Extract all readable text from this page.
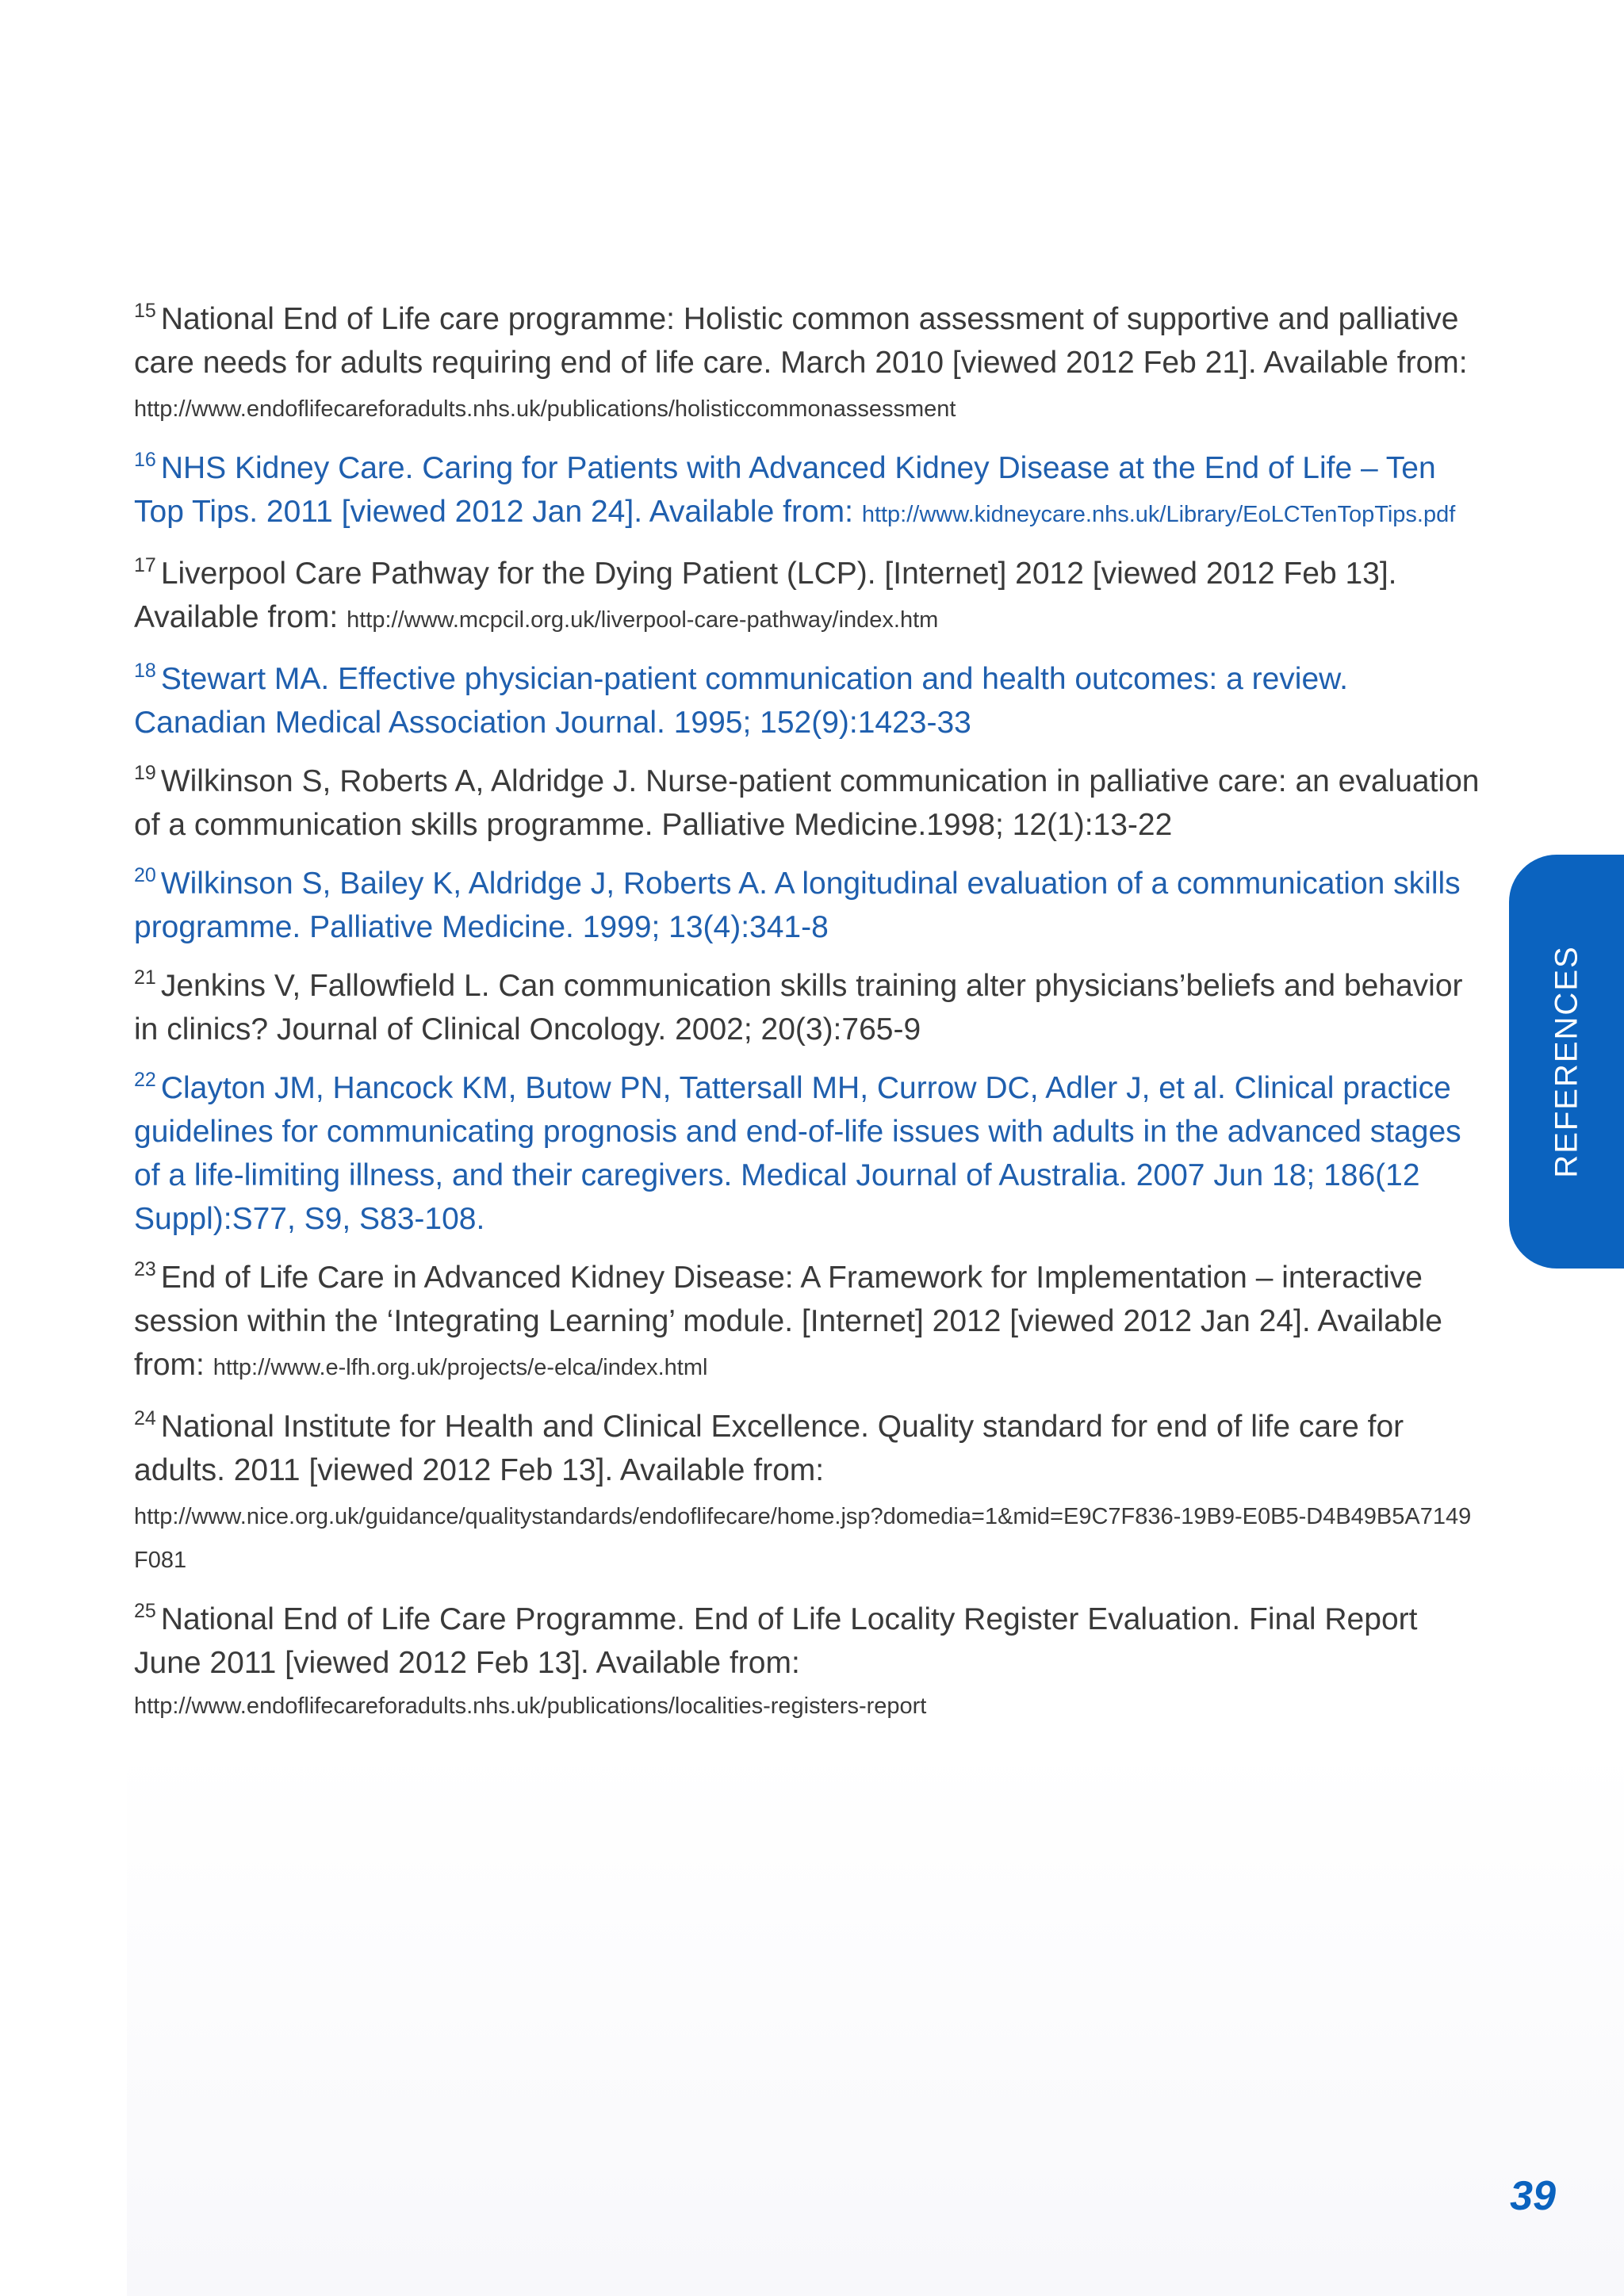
$^{15}$ National End of Life care programme: Holistic common assessment of supportive and palliative care needs for adults requiring end of life care. March 2010 [viewed 2012 Feb 21]. Available from:
http://www.endoflifecareforadults.nhs.uk/publications/holisticcommonassessment
$^{16}$ NHS Kidney Care. Caring for Patients with Advanced Kidney Disease at the End of Life – Ten Top Tips. 2011 [viewed 2012 Jan 24]. Available from: http://www.kidneycare.nhs.uk/Library/EoLCTenTopTips.pdf
$^{17}$ Liverpool Care Pathway for the Dying Patient (LCP). [Internet] 2012 [viewed 2012 Feb 13]. Available from: http://www.mcpcil.org.uk/liverpool-care-pathway/index.htm
$^{18}$ Stewart MA. Effective physician-patient communication and health outcomes: a review. Canadian Medical Association Journal. 1995; 152(9):1423-33
$^{19}$ Wilkinson S, Roberts A, Aldridge J. Nurse-patient communication in palliative care: an evaluation of a communication skills programme. Palliative Medicine.1998; 12(1):13-22
$^{20}$ Wilkinson S, Bailey K, Aldridge J, Roberts A. A longitudinal evaluation of a communication skills programme. Palliative Medicine. 1999; 13(4):341-8
$^{21}$ Jenkins V, Fallowfield L. Can communication skills training alter physicians’beliefs and behavior in clinics? Journal of Clinical Oncology. 2002; 20(3):765-9
$^{22}$ Clayton JM, Hancock KM, Butow PN, Tattersall MH, Currow DC, Adler J, et al. Clinical practice guidelines for communicating prognosis and end-of-life issues with adults in the advanced stages of a life-limiting illness, and their caregivers. Medical Journal of Australia. 2007 Jun 18; 186(12 Suppl):S77, S9, S83-108.
$^{23}$ End of Life Care in Advanced Kidney Disease: A Framework for Implementation – interactive session within the ‘Integrating Learning’ module. [Internet] 2012 [viewed 2012 Jan 24]. Available from: http://www.e-lfh.org.uk/projects/e-elca/index.html
$^{24}$ National Institute for Health and Clinical Excellence. Quality standard for end of life care for adults. 2011 [viewed 2012 Feb 13]. Available from:
http://www.nice.org.uk/guidance/qualitystandards/endoflifecare/home.jsp?domedia=1&mid=E9C7F836-19B9-E0B5-D4B49B5A7149F081
$^{25}$ National End of Life Care Programme. End of Life Locality Register Evaluation. Final Report June 2011 [viewed 2012 Feb 13]. Available from:
http://www.endoflifecareforadults.nhs.uk/publications/localities-registers-report
REFERENCES
39
